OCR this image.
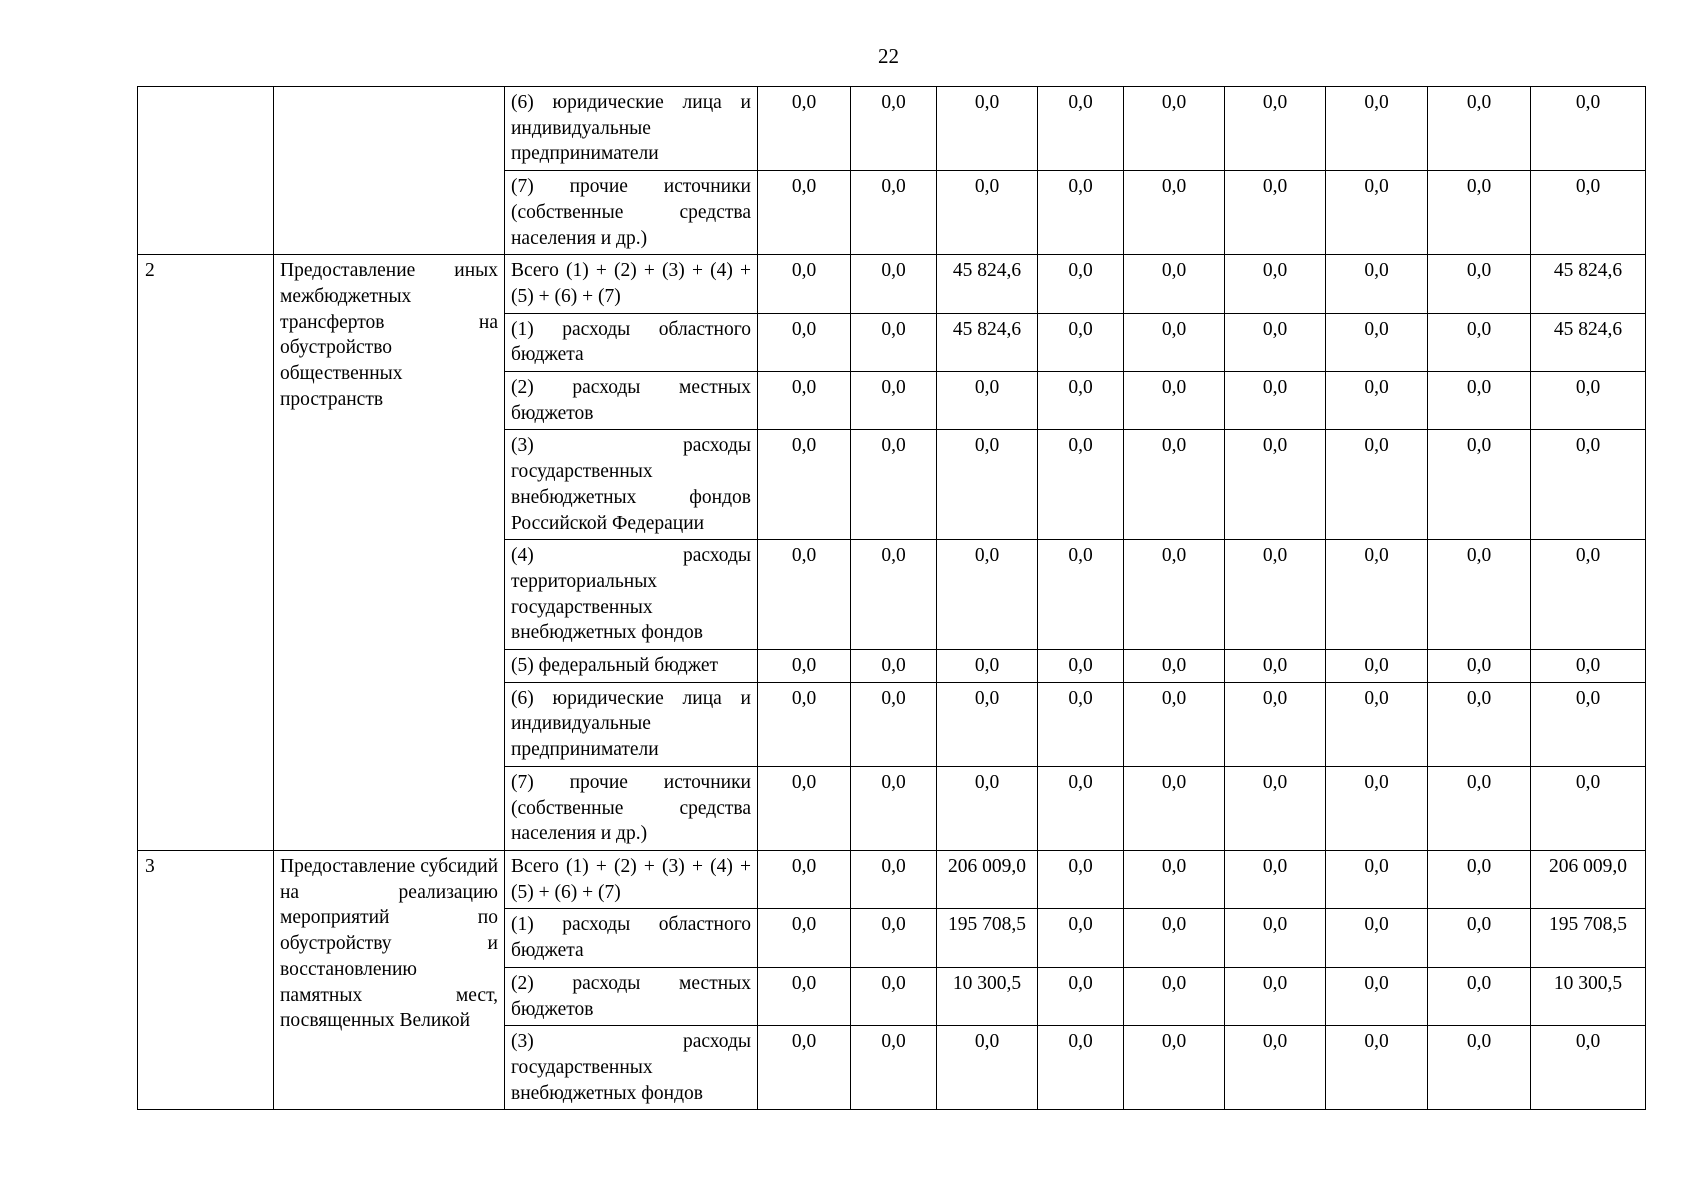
22
		(6) юридические лица и индивидуальные предприниматели	0,0	0,0	0,0	0,0	0,0	0,0	0,0	0,0	0,0
		(7) прочие источники (собственные средства населения и др.)	0,0	0,0	0,0	0,0	0,0	0,0	0,0	0,0	0,0
2	Предоставление иных межбюджетных трансфертов на обустройство общественных пространств	Всего (1) + (2) + (3) + (4) + (5) + (6) + (7)	0,0	0,0	45 824,6	0,0	0,0	0,0	0,0	0,0	45 824,6
		(1) расходы областного бюджета	0,0	0,0	45 824,6	0,0	0,0	0,0	0,0	0,0	45 824,6
		(2) расходы местных бюджетов	0,0	0,0	0,0	0,0	0,0	0,0	0,0	0,0	0,0
		(3) расходы государственных внебюджетных фондов Российской Федерации	0,0	0,0	0,0	0,0	0,0	0,0	0,0	0,0	0,0
		(4) расходы территориальных государственных внебюджетных фондов	0,0	0,0	0,0	0,0	0,0	0,0	0,0	0,0	0,0
		(5) федеральный бюджет	0,0	0,0	0,0	0,0	0,0	0,0	0,0	0,0	0,0
		(6) юридические лица и индивидуальные предприниматели	0,0	0,0	0,0	0,0	0,0	0,0	0,0	0,0	0,0
		(7) прочие источники (собственные средства населения и др.)	0,0	0,0	0,0	0,0	0,0	0,0	0,0	0,0	0,0
3	Предоставление субсидий на реализацию мероприятий по обустройству и восстановлению памятных мест, посвященных Великой	Всего (1) + (2) + (3) + (4) + (5) + (6) + (7)	0,0	0,0	206 009,0	0,0	0,0	0,0	0,0	0,0	206 009,0
		(1) расходы областного бюджета	0,0	0,0	195 708,5	0,0	0,0	0,0	0,0	0,0	195 708,5
		(2) расходы местных бюджетов	0,0	0,0	10 300,5	0,0	0,0	0,0	0,0	0,0	10 300,5
		(3) расходы государственных внебюджетных фондов	0,0	0,0	0,0	0,0	0,0	0,0	0,0	0,0	0,0
